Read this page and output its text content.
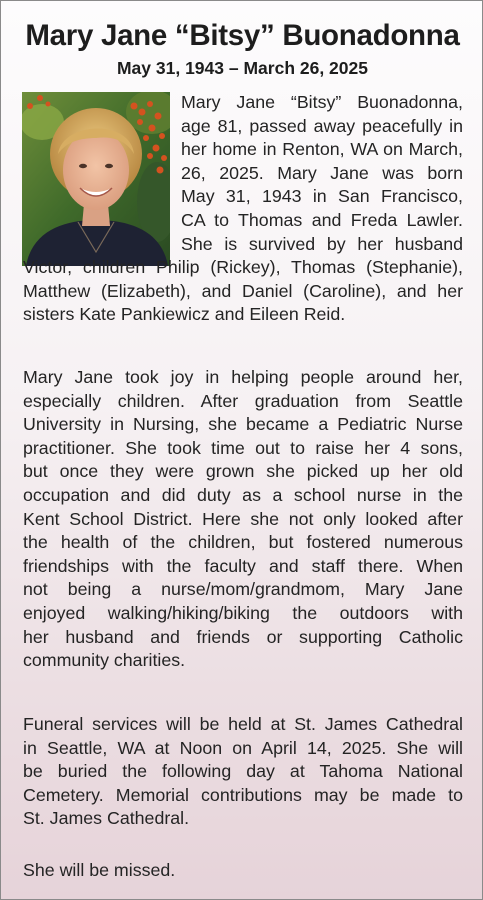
Mary Jane “Bitsy” Buonadonna
May 31, 1943 – March 26, 2025
Mary Jane “Bitsy” Buonadonna,
age 81, passed away peacefully in
her home in Renton, WA on March,
26, 2025. Mary Jane was born
May 31, 1943 in San Francisco,
CA to Thomas and Freda Lawler.
She is survived by her husband
Victor, children Philip (Rickey), Thomas (Stephanie),
Matthew (Elizabeth), and Daniel (Caroline), and her
sisters Kate Pankiewicz and Eileen Reid.
Mary Jane took joy in helping people around her,
especially children. After graduation from Seattle
University in Nursing, she became a Pediatric Nurse
practitioner. She took time out to raise her 4 sons,
but once they were grown she picked up her old
occupation and did duty as a school nurse in the
Kent School District. Here she not only looked after
the health of the children, but fostered numerous
friendships with the faculty and staff there. When
not being a nurse/mom/grandmom, Mary Jane
enjoyed walking/hiking/biking the outdoors with
her husband and friends or supporting Catholic
community charities.
Funeral services will be held at St. James Cathedral
in Seattle, WA at Noon on April 14, 2025. She will
be buried the following day at Tahoma National
Cemetery. Memorial contributions may be made to
St. James Cathedral.
She will be missed.
